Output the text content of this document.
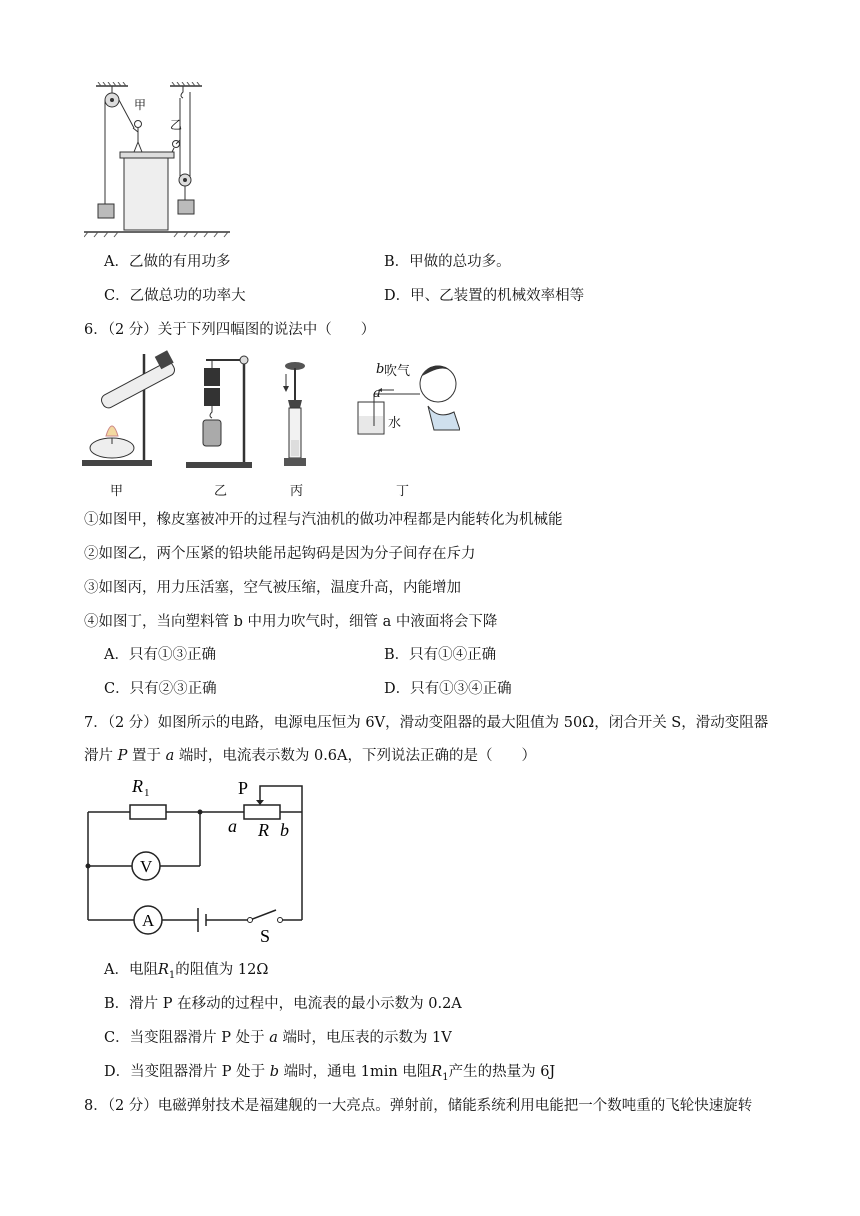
甲
乙
A．乙做的有用功多	B．甲做的总功多。
C．乙做总功的功率大	D．甲、乙装置的机械效率相等
6．（2 分）关于下列四幅图的说法中（　　）
b 吹气
a
水
甲	乙	丙	丁
①如图甲，橡皮塞被冲开的过程与汽油机的做功冲程都是内能转化为机械能
②如图乙，两个压紧的铅块能吊起钩码是因为分子间存在斥力
③如图丙，用力压活塞，空气被压缩，温度升高，内能增加
④如图丁，当向塑料管 b 中用力吹气时，细管 a 中液面将会下降
A．只有①③正确	B．只有①④正确
C．只有②③正确	D．只有①③④正确
7．（2 分）如图所示的电路，电源电压恒为 6V，滑动变阻器的最大阻值为 50Ω，闭合开关 S，滑动变阻器
滑片 P 置于 a 端时，电流表示数为 0.6A，下列说法正确的是（　　）
R 1	P
a R b
V
A
S
A．电阻$R_1$的阻值为 12Ω
B．滑片 P 在移动的过程中，电流表的最小示数为 0.2A
C．当变阻器滑片 P 处于 a 端时，电压表的示数为 1V
D．当变阻器滑片 P 处于 b 端时，通电 1min 电阻$R_1$产生的热量为 6J
8．（2 分）电磁弹射技术是福建舰的一大亮点。弹射前，储能系统利用电能把一个数吨重的飞轮快速旋转
